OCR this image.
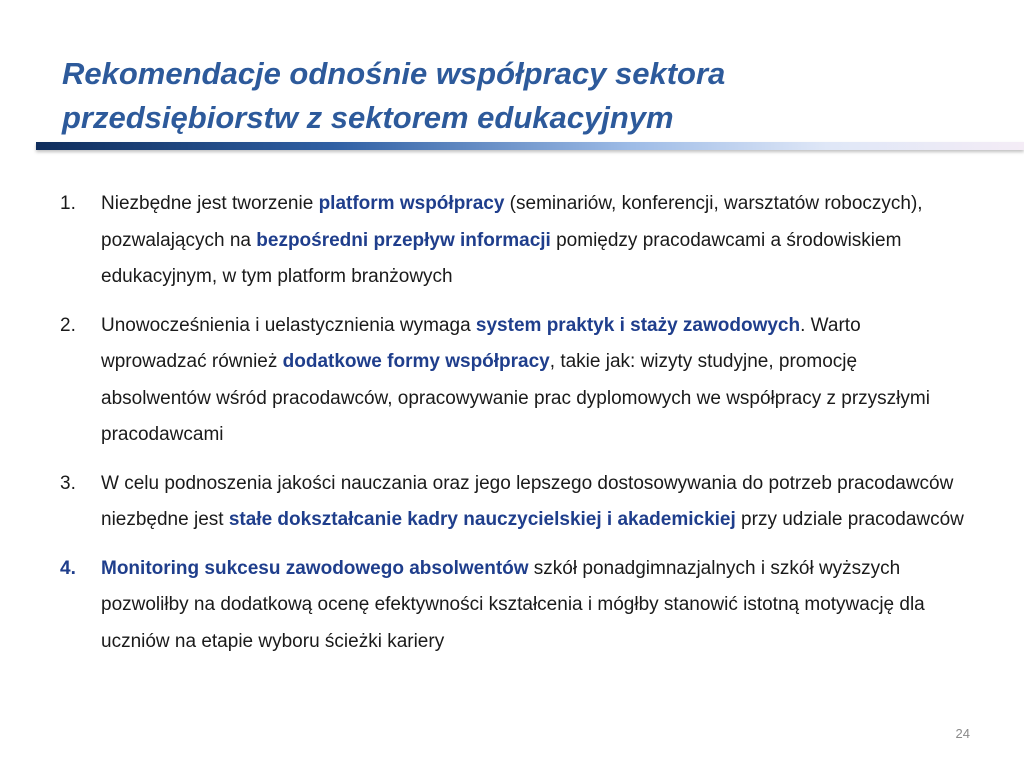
Rekomendacje odnośnie współpracy sektora
przedsiębiorstw z sektorem edukacyjnym
1.	Niezbędne jest tworzenie platform współpracy (seminariów, konferencji, warsztatów roboczych), pozwalających na bezpośredni przepływ informacji pomiędzy pracodawcami a środowiskiem edukacyjnym, w tym platform branżowych
2.	Unowocześnienia i uelastycznienia wymaga system praktyk i staży zawodowych. Warto wprowadzać również dodatkowe formy współpracy, takie jak: wizyty studyjne, promocję absolwentów wśród pracodawców, opracowywanie prac dyplomowych we współpracy z przyszłymi pracodawcami
3.	W celu podnoszenia jakości nauczania oraz jego lepszego dostosowywania do potrzeb pracodawców niezbędne jest stałe dokształcanie kadry nauczycielskiej i akademickiej przy udziale pracodawców
4.	Monitoring sukcesu zawodowego absolwentów szkół ponadgimnazjalnych i szkół wyższych pozwoliłby na dodatkową ocenę efektywności kształcenia i mógłby stanowić istotną motywację dla uczniów na etapie wyboru ścieżki kariery
24
